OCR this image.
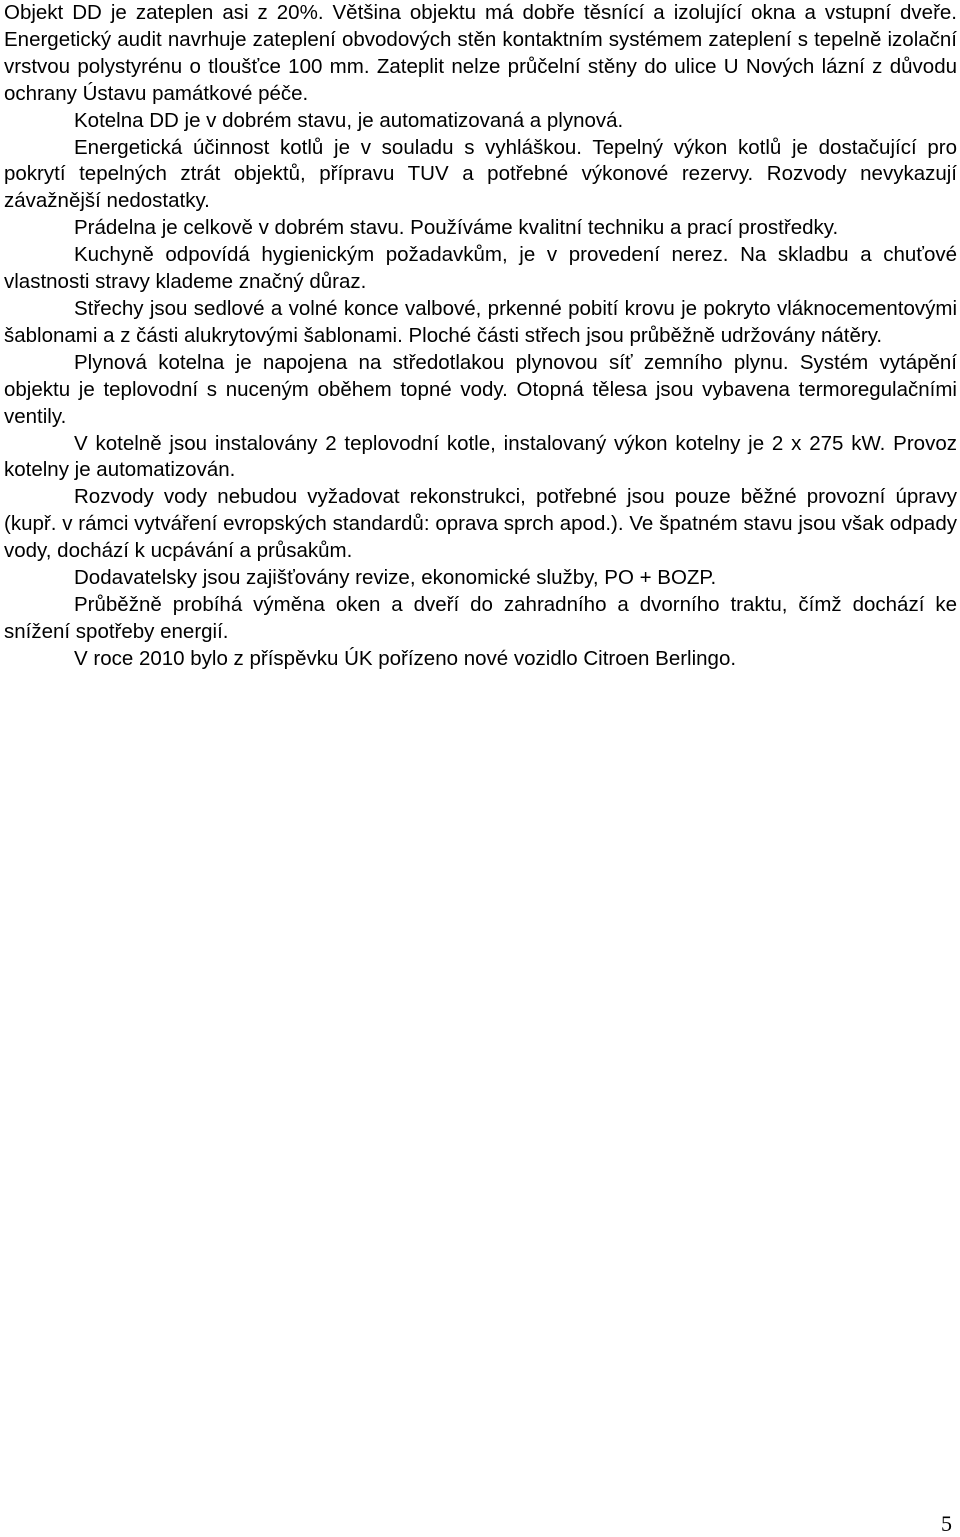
Objekt DD je zateplen asi z 20%. Většina objektu má dobře těsnící a izolující okna a vstupní dveře. Energetický audit navrhuje zateplení obvodových stěn kontaktním systémem zateplení s tepelně izolační vrstvou polystyrénu o tloušťce 100 mm. Zateplit nelze průčelní stěny do ulice U Nových lázní z důvodu ochrany Ústavu památkové péče.

Kotelna DD je v dobrém stavu, je automatizovaná a plynová.

Energetická účinnost kotlů je v souladu s vyhláškou. Tepelný výkon kotlů je dostačující pro pokrytí tepelných ztrát objektů, přípravu TUV a potřebné výkonové rezervy. Rozvody nevykazují závažnější nedostatky.

Prádelna je celkově v dobrém stavu. Používáme kvalitní techniku a prací prostředky.

Kuchyně odpovídá hygienickým požadavkům, je v provedení nerez. Na skladbu a chuťové vlastnosti stravy klademe značný důraz.

Střechy jsou sedlové a volné konce valbové, prkenné pobití krovu je pokryto vláknocementovými šablonami a z části alukrytovými šablonami. Ploché části střech jsou průběžně udržovány nátěry.

Plynová kotelna je napojena na středotlakou plynovou síť zemního plynu. Systém vytápění objektu je teplovodní s nuceným oběhem topné vody. Otopná tělesa jsou vybavena termoregulačními ventily.

V kotelně jsou instalovány 2 teplovodní kotle, instalovaný výkon kotelny je 2 x 275 kW. Provoz kotelny je automatizován.

Rozvody vody nebudou vyžadovat rekonstrukci, potřebné jsou pouze běžné provozní úpravy (kupř. v rámci vytváření evropských standardů: oprava sprch apod.). Ve špatném stavu jsou však odpady vody, dochází k ucpávání a průsakům.

Dodavatelsky jsou zajišťovány revize, ekonomické služby, PO + BOZP.

Průběžně probíhá výměna oken a dveří do zahradního a dvorního traktu, čímž dochází ke snížení spotřeby energií.

V roce 2010 bylo z příspěvku ÚK pořízeno nové vozidlo Citroen Berlingo.

5
